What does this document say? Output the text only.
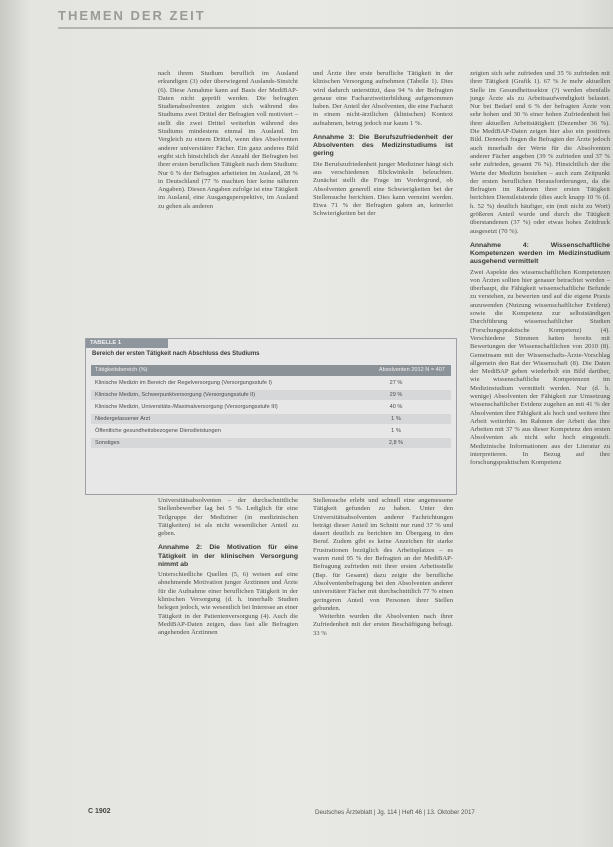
THEMEN DER ZEIT

nach ihrem Studium beruflich im Ausland erkundigen (3) oder überwiegend Auslands-Sinsicht (6). Diese Annahme kann auf Basis der MediBAP-Daten nicht geprüft werden. Die befragten Studienabsolventen zeigten sich während des Studiums zwei Drittel der Befragten voll motiviert – stellt die zwei Drittel weiterhin während des Studiums mindestens einmal im Ausland. Im Vergleich zu einem Drittel, wenn dies Absolventen anderer universitärer Fächer. Ein ganz anderes Bild ergibt sich hinsichtlich der Anzahl der Befragten bei ihrer ersten beruflichen Tätigkeit nach dem Studium: Nur 6 % der Befragten arbeiteten im Ausland, 28 % in Deutschland (77 % machten hier keine näheren Angaben). Diesen Angaben zufolge ist eine Tätigkeit im Ausland, eine Ausgangsperspektive, im Ausland zu gehen als anderen

und Ärzte ihre erste berufliche Tätigkeit in der klinischen Versorgung aufnehmen (Tabelle 1). Dies wird dadurch unterstützt, dass 94 % der Befragten genaue eine Facharztweiterbildung aufgenommen haben. Der Anteil der Absolventen, die eine Facharzt in einem nicht-ärztlichen (klinischen) Kontext aufnahmen, betrug jedoch nur kaum 1 %.

Annahme 3: Die Berufszufriedenheit der Absolventen des Medizinstudiums ist gering

Die Berufszufriedenheit junger Mediziner hängt sich aus verschiedenen Blickwinkeln beleuchten. Zunächst stellt die Frage im Vordergrund, ob Absolventen generell eine Schwierigkeiten bei der Stellensuche berichten. Dies kann verneint werden. Etwa 71 % der Befragten gaben an, keinerlei Schwierigkeiten bei der

zeigten sich sehr zufrieden und 35 % zufrieden mit ihrer Tätigkeit (Grafik 1). 67 % Je mehr aktuellen Stelle im Gesundheitssektor (?) werden ebenfalls junge Ärzte als zu Arbeitsaufwendigkeit belastet. Nur bei Bedarf und 6 % der befragten Ärzte von sehr hohen und 30 % einer hohen Zufriedenheit bei ihrer aktuellen Arbeitstätigkeit (Dezember 36 %). Die MediBAP-Daten zeigen hier also ein positives Bild. Dennoch fragen die Befragten der Ärzte jedoch auch innerhalb der Werte für die Absolventen anderer Fächer angeben (39 % zufrieden und 37 % sehr zufrieden, gesamt 76 %). Hinsichtlich der die Werte der Medizin bestehen – auch zum Zeitpunkt der ersten beruflichen Herausforderungen, da die Befragten im Rahmen ihrer ersten Tätigkeit berichten Dienstleistende (dies auch knapp 10 % (d. h. 52 %) deutlich häufiger, ein (mit nicht zu Wort) größeren Anteil wurde und durch die Tätigkeit überstandenen (37 %) oder etwas hohes Zeitdruck ausgesetzt (70 %).

Annahme 4: Wissenschaftliche Kompetenzen werden im Medizinstudium ausgehend vermittelt

Zwei Aspekte des wissenschaftlichen Kompetenzen von Ärzten sollten hier genauer betrachtet werden – überhaupt, die Fähigkeit wissenschaftliche Befunde zu verstehen, zu bewerten und auf die eigene Praxis anzuwenden (Nutzung wissenschaftlicher Evidenz) sowie die Kompetenz zur selbstständigen Durchführung wissenschaftlicher Studien (Forschungspraktische Kompetenz) (4). Verschiedene Stimmen hatten bereits mit Bewertungen der Wissenschaftlichen von 2010 (8). Gemeinsam mit der Wissenschafts-Ärzte-Vorschlag allgemein den Rat der Wissenschaft (8). Die Daten der MediBAP geben wiederholt ein Bild darüber, wie wissenschaftliche Kompetenzen im Medizinstudium vermittelt werden. Nur (d. h. wenige) Absolventen der Fähigkeit zur Umsetzung wissenschaftlicher Evidenz zugehen an mit 41 % der Absolventen ihre Fähigkeit als hoch und weitere ihre Arbeit weiterhin. Im Rahmen der Arbeit das ihre Arbeiten mit 37 % aus dieser Kompetenz den ersten Absolventen als nicht sehr hoch eingestuft. Medizinische Informationen aus der Literatur zu interpretieren. In Bezug auf ihre forschungspraktischen Kompetenz

TABELLE 1
Bereich der ersten Tätigkeit nach Abschluss des Studiums
Tätigkeitsbereich (%)	Absolventen 2012 N = 407
Klinische Medizin im Bereich der Regelversorgung (Versorgungsstufe I)	27 %
Klinische Medizin, Schwerpunktversorgung (Versorgungsstufe II)	29 %
Klinische Medizin, Universitäts-/Maximalversorgung (Versorgungsstufe III)	40 %
Niedergelassener Arzt	1 %
Öffentliche gesundheitsbezogene Dienstleistungen	1 %
Sonstiges	2,8 %

Universitätsabsolventen – der durchschnittliche Stellenbewerber lag bei 5 %. Lediglich für eine Teilgruppe der Mediziner (in medizinischen Tätigkeiten) ist als nicht wesentlicher Anteil zu geben.

Annahme 2: Die Motivation für eine Tätigkeit in der klinischen Versorgung nimmt ab

Unterschiedliche Quellen (5, 6) weisen auf eine abnehmende Motivation junger Ärztinnen und Ärzte für die Aufnahme einer beruflichen Tätigkeit in der klinischen Versorgung (d. h. innerhalb Studien belegen jedoch, wie wesentlich bei Interesse an einer Tätigkeit in der Patientenversorgung (4). Auch die MediBAP-Daten zeigen, dass fast alle Befragten angehenden Ärztinnen

Stellensuche erlebt und schnell eine angemessene Tätigkeit gefunden zu haben. Unter den Universitätsabsolventen anderer Fachrichtungen beträgt dieser Anteil im Schnitt nur rund 37 % und dauert deutlich zu berichten im Übergang in den Beruf. Zudem gibt es keine Anzeichen für starke Frustrationen bezüglich des Arbeitsplatzes – es waren rund 95 % der Befragten an der MediBAP-Befragung zufrieden mit ihrer ersten Arbeitsstelle (Bsp. für Gesamt) dazu zeigte die berufliche Absolventenbefragung bei den Absolventen anderer universitärer Fächer mit durchschnittlich 77 % einen geringeren Anteil von Personen ihrer Stellen gebunden.

Weiterhin wurden die Absolventen nach ihrer Zufriedenheit mit der ersten Beschäftigung befragt. 33 %

C 1902	Deutsches Ärzteblatt | Jg. 114 | Heft 46 | 13. Oktober 2017
